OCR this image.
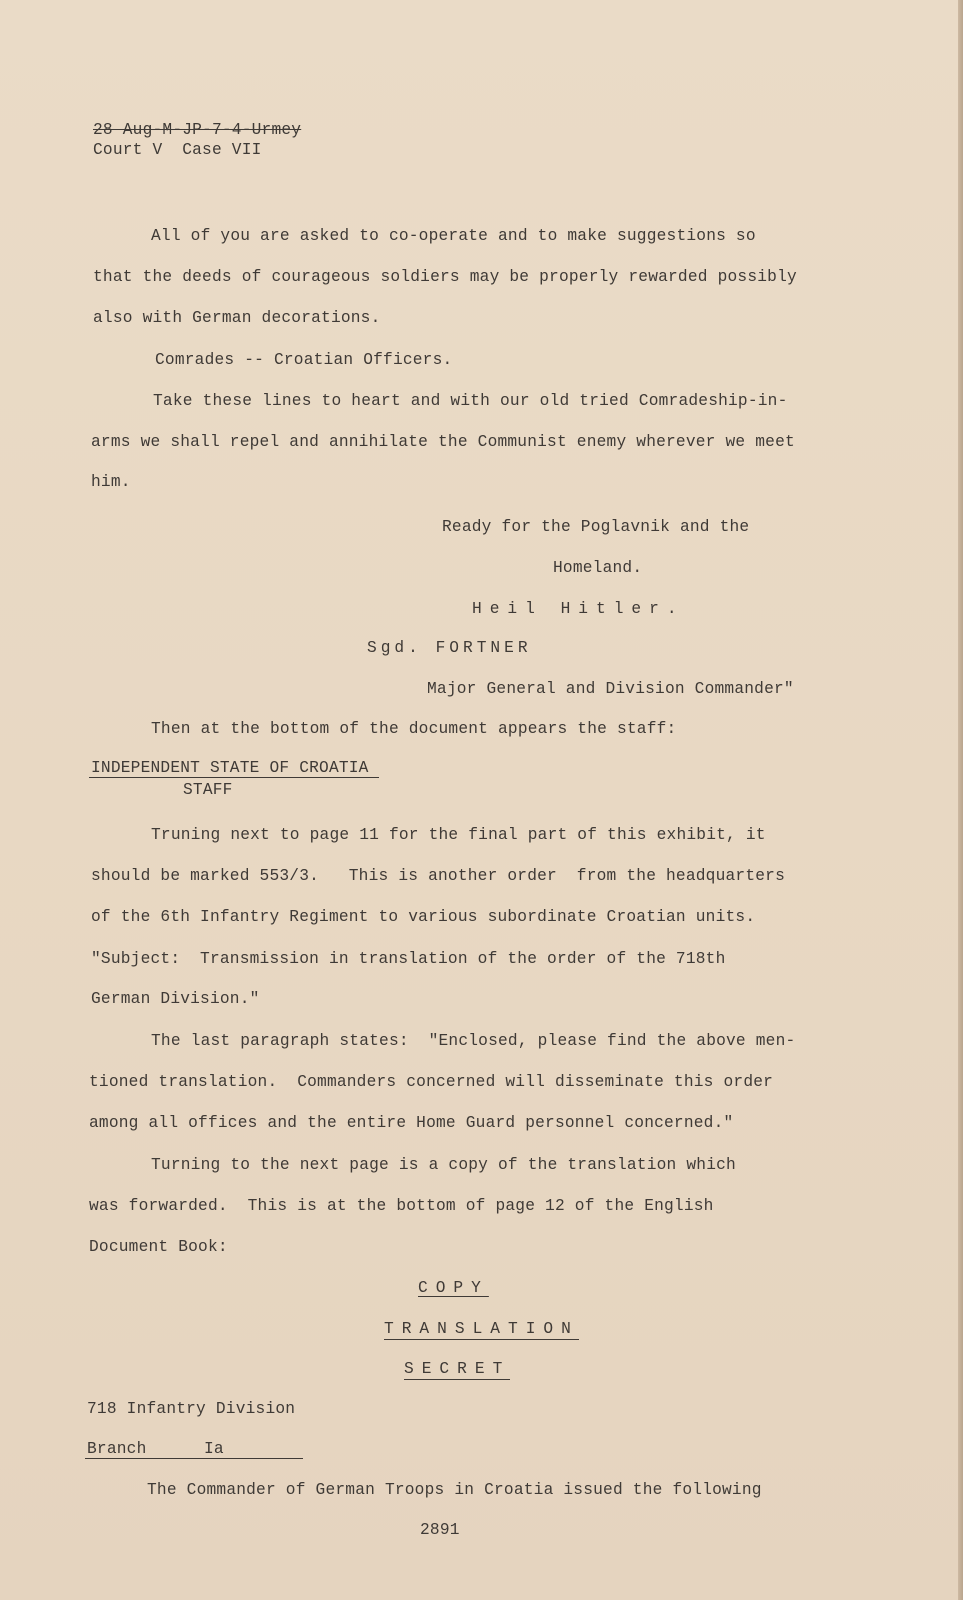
28 Aug-M-JP-7-4-Urmey
Court V  Case VII
All of you are asked to co-operate and to make suggestions so
that the deeds of courageous soldiers may be properly rewarded possibly
also with German decorations.
Comrades -- Croatian Officers.
Take these lines to heart and with our old tried Comradeship-in-
arms we shall repel and annihilate the Communist enemy wherever we meet
him.
Ready for the Poglavnik and the
Homeland.
Heil Hitler.
Sgd. FORTNER
Major General and Division Commander"
Then at the bottom of the document appears the staff:
INDEPENDENT STATE OF CROATIA
STAFF
Truning next to page 11 for the final part of this exhibit, it
should be marked 553/3.   This is another order  from the headquarters
of the 6th Infantry Regiment to various subordinate Croatian units.
"Subject:  Transmission in translation of the order of the 718th
German Division."
The last paragraph states:  "Enclosed, please find the above men-
tioned translation.  Commanders concerned will disseminate this order
among all offices and the entire Home Guard personnel concerned."
Turning to the next page is a copy of the translation which
was forwarded.  This is at the bottom of page 12 of the English
Document Book:
COPY
TRANSLATION
SECRET
718 Infantry Division
Branch	Ia
The Commander of German Troops in Croatia issued the following
2891
